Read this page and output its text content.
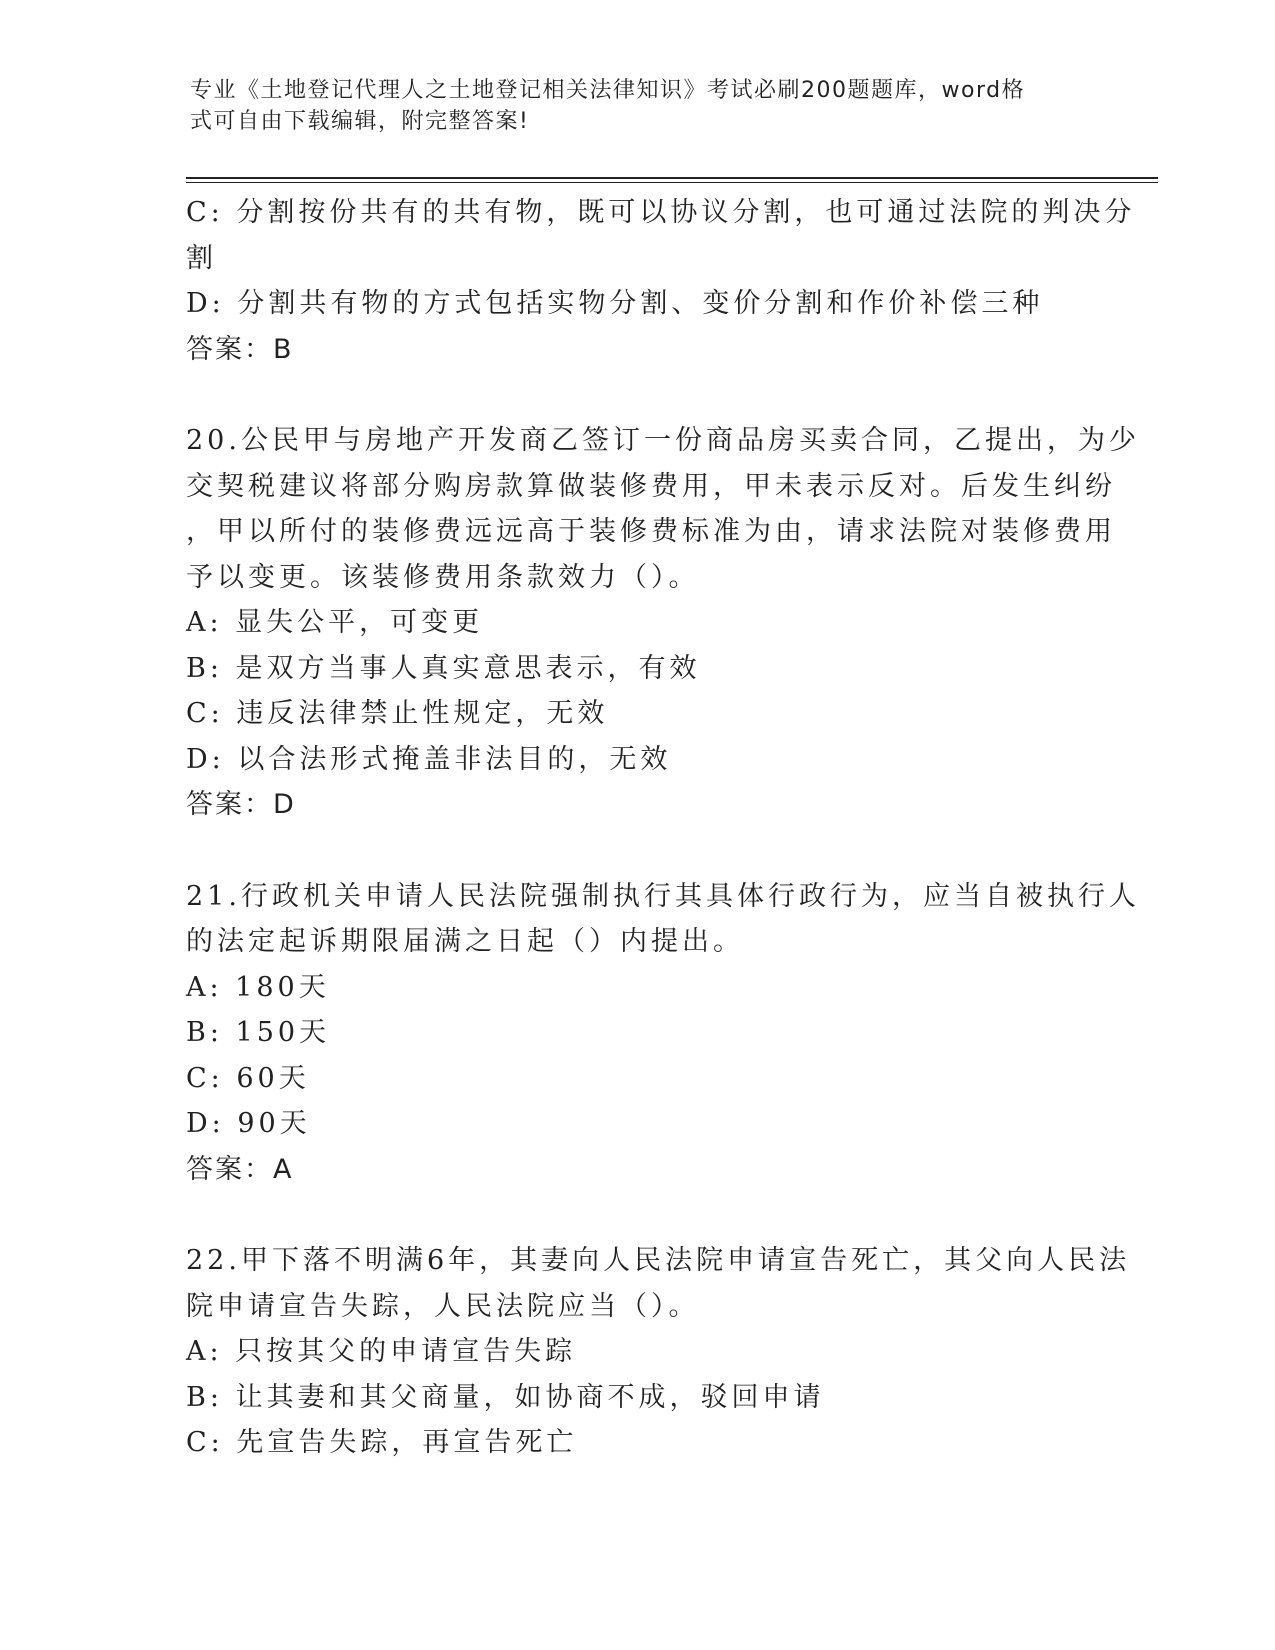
专业《土地登记代理人之土地登记相关法律知识》考试必刷200题题库，word格
式可自由下载编辑，附完整答案!
C: 分割按份共有的共有物，既可以协议分割，也可通过法院的判决分
割
D: 分割共有物的方式包括实物分割、变价分割和作价补偿三种
答案：B
20.公民甲与房地产开发商乙签订一份商品房买卖合同，乙提出，为少
交契税建议将部分购房款算做装修费用，甲未表示反对。后发生纠纷
，甲以所付的装修费远远高于装修费标准为由，请求法院对装修费用
予以变更。该装修费用条款效力（）。
A: 显失公平，可变更
B: 是双方当事人真实意思表示，有效
C: 违反法律禁止性规定，无效
D: 以合法形式掩盖非法目的，无效
答案：D
21.行政机关申请人民法院强制执行其具体行政行为，应当自被执行人
的法定起诉期限届满之日起（）内提出。
A: 180天
B: 150天
C: 60天
D: 90天
答案：A
22.甲下落不明满6年，其妻向人民法院申请宣告死亡，其父向人民法
院申请宣告失踪，人民法院应当（）。
A: 只按其父的申请宣告失踪
B: 让其妻和其父商量，如协商不成，驳回申请
C: 先宣告失踪，再宣告死亡
